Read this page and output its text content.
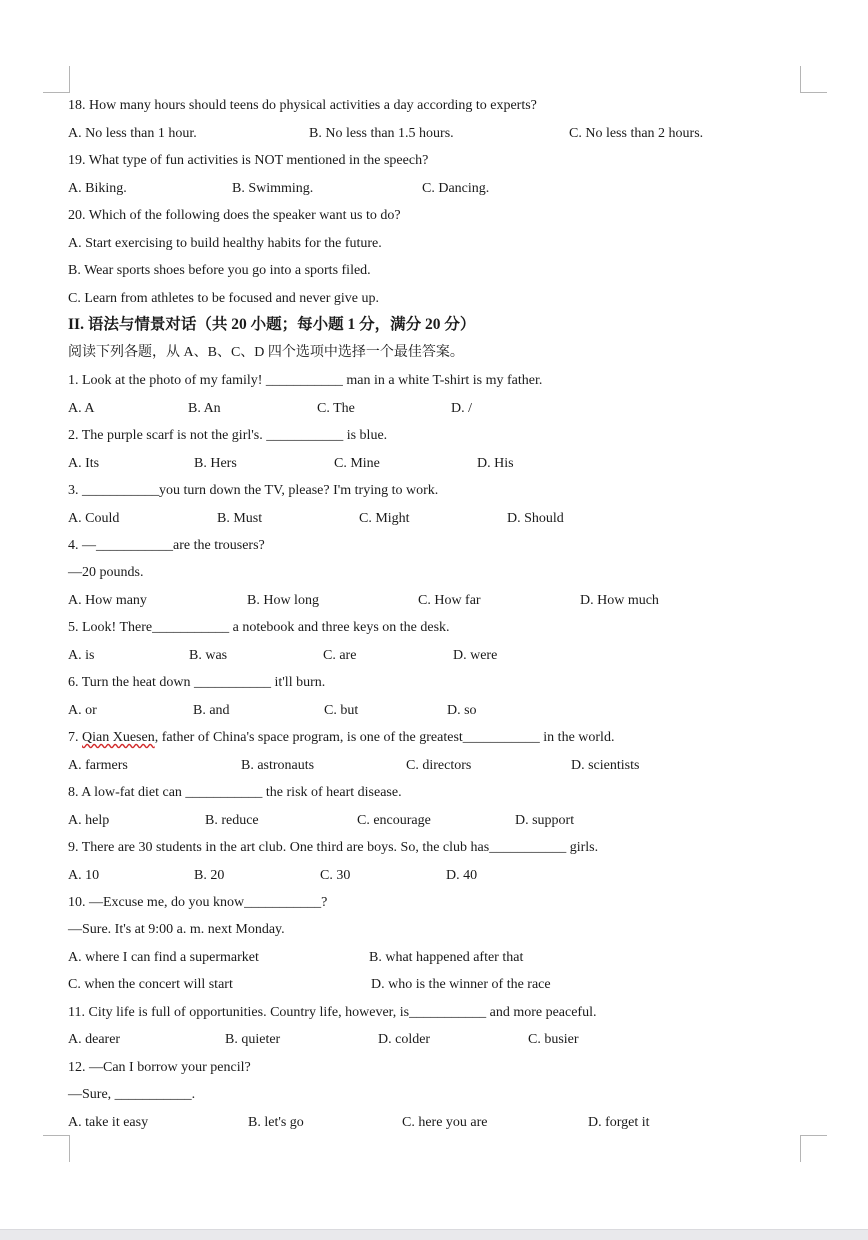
18. How many hours should teens do physical activities a day according to experts?
A. No less than 1 hour.	B. No less than 1.5 hours.	C. No less than 2 hours.
19. What type of fun activities is NOT mentioned in the speech?
A. Biking.	B. Swimming.	C. Dancing.
20. Which of the following does the speaker want us to do?
A. Start exercising to build healthy habits for the future.
B. Wear sports shoes before you go into a sports filed.
C. Learn from athletes to be focused and never give up.
II. 语法与情景对话（共 20 小题；每小题 1 分，满分 20 分）
阅读下列各题，从 A、B、C、D 四个选项中选择一个最佳答案。
1. Look at the photo of my family! ___________ man in a white T-shirt is my father.
A. A	B. An	C. The	D. /
2. The purple scarf is not the girl's. ___________ is blue.
A. Its	B. Hers	C. Mine	D. His
3. ___________you turn down the TV, please? I'm trying to work.
A. Could	B. Must	C. Might	D. Should
4. —___________are the trousers?
—20 pounds.
A. How many	B. How long	C. How far	D. How much
5. Look! There___________ a notebook and three keys on the desk.
A. is	B. was	C. are	D. were
6. Turn the heat down ___________ it'll burn.
A. or	B. and	C. but	D. so
7. Qian Xuesen, father of China's space program, is one of the greatest___________ in the world.
A. farmers	B. astronauts	C. directors	D. scientists
8. A low-fat diet can ___________ the risk of heart disease.
A. help	B. reduce	C. encourage	D. support
9. There are 30 students in the art club. One third are boys. So, the club has___________ girls.
A. 10	B. 20	C. 30	D. 40
10. —Excuse me, do you know___________?
—Sure. It's at 9:00 a. m. next Monday.
A. where I can find a supermarket	B. what happened after that
C. when the concert will start	D. who is the winner of the race
11. City life is full of opportunities. Country life, however, is___________ and more peaceful.
A. dearer	B. quieter	D. colder	C. busier
12. —Can I borrow your pencil?
—Sure, ___________.
A. take it easy	B. let's go	C. here you are	D. forget it
